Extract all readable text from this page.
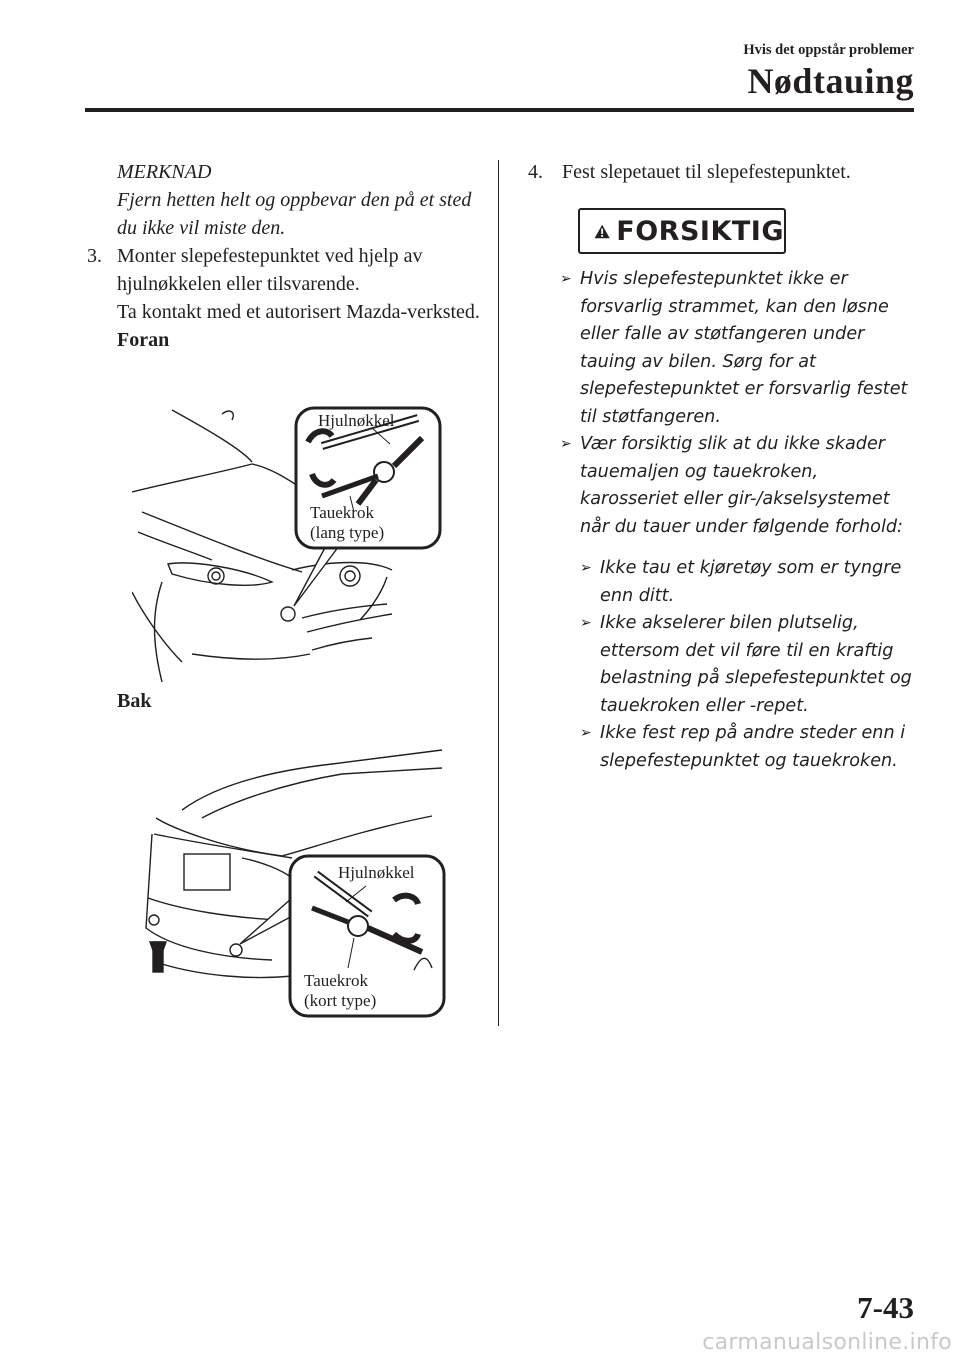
Hvis det oppstår problemer
Nødtauing
MERKNAD
Fjern hetten helt og oppbevar den på et sted du ikke vil miste den.
3. Monter slepefestepunktet ved hjelp av hjulnøkkelen eller tilsvarende.
Ta kontakt med et autorisert Mazda-verksted.
Foran
Hjulnøkkel
Tauekrok
(lang type)
Bak
Hjulnøkkel
Tauekrok
(kort type)
4. Fest slepetauet til slepefestepunktet.
FORSIKTIG
➢ Hvis slepefestepunktet ikke er forsvarlig strammet, kan den løsne eller falle av støtfangeren under tauing av bilen. Sørg for at slepefestepunktet er forsvarlig festet til støtfangeren.
➢ Vær forsiktig slik at du ikke skader tauemaljen og tauekroken, karosseriet eller gir-/akselsystemet når du tauer under følgende forhold:
➢ Ikke tau et kjøretøy som er tyngre enn ditt.
➢ Ikke akselerer bilen plutselig, ettersom det vil føre til en kraftig belastning på slepefestepunktet og tauekroken eller -repet.
➢ Ikke fest rep på andre steder enn i slepefestepunktet og tauekroken.
7-43
carmanualsonline.info
